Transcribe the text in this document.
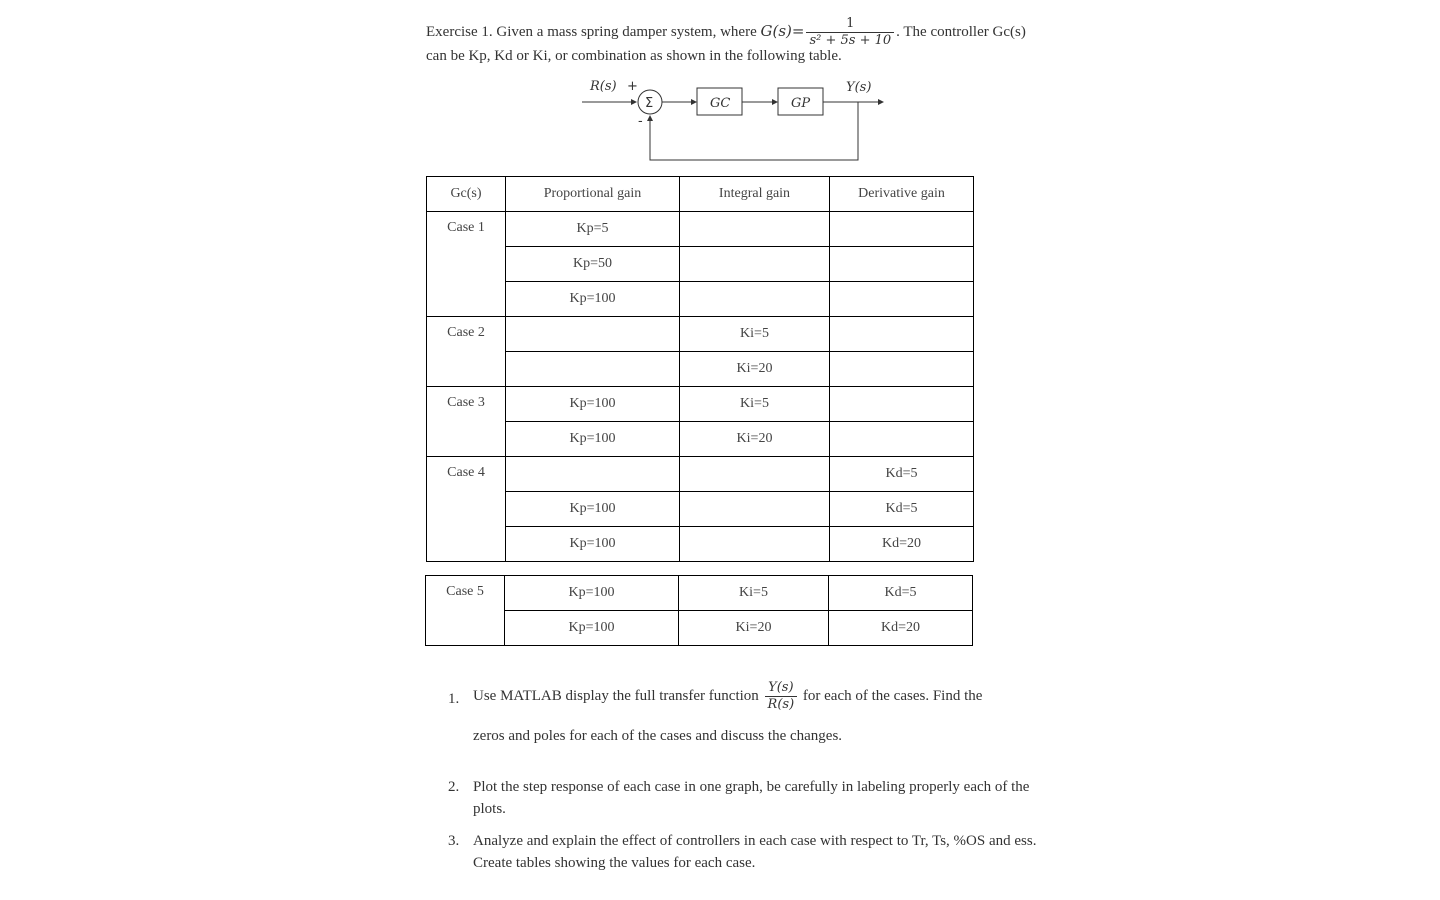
Exercise 1. Given a mass spring damper system, where $G(s)= \frac{1}{\text{s² + 5s + 10}}$ . The controller Gc(s)
can be Kp, Kd or Ki, or combination as shown in the following table.
R(s) +
Σ
-
GC	GP
Y(s)
Gc(s)	Proportional gain	Integral gain	Derivative gain
Case 1	Kp=5		
	Kp=50		
	Kp=100		
Case 2		Ki=5	
		Ki=20	
Case 3	Kp=100	Ki=5	
	Kp=100	Ki=20	
Case 4			Kd=5
	Kp=100		Kd=5
	Kp=100		Kd=20
Case 5	Kp=100	Ki=5	Kd=5
	Kp=100	Ki=20	Kd=20
1. Use MATLAB display the full transfer function $\frac{Y(s)}{R(s)}$ for each of the cases. Find the
zeros and poles for each of the cases and discuss the changes.
2. Plot the step response of each case in one graph, be carefully in labeling properly each of the plots.
3. Analyze and explain the effect of controllers in each case with respect to Tr, Ts, %OS and ess. Create tables showing the values for each case.
